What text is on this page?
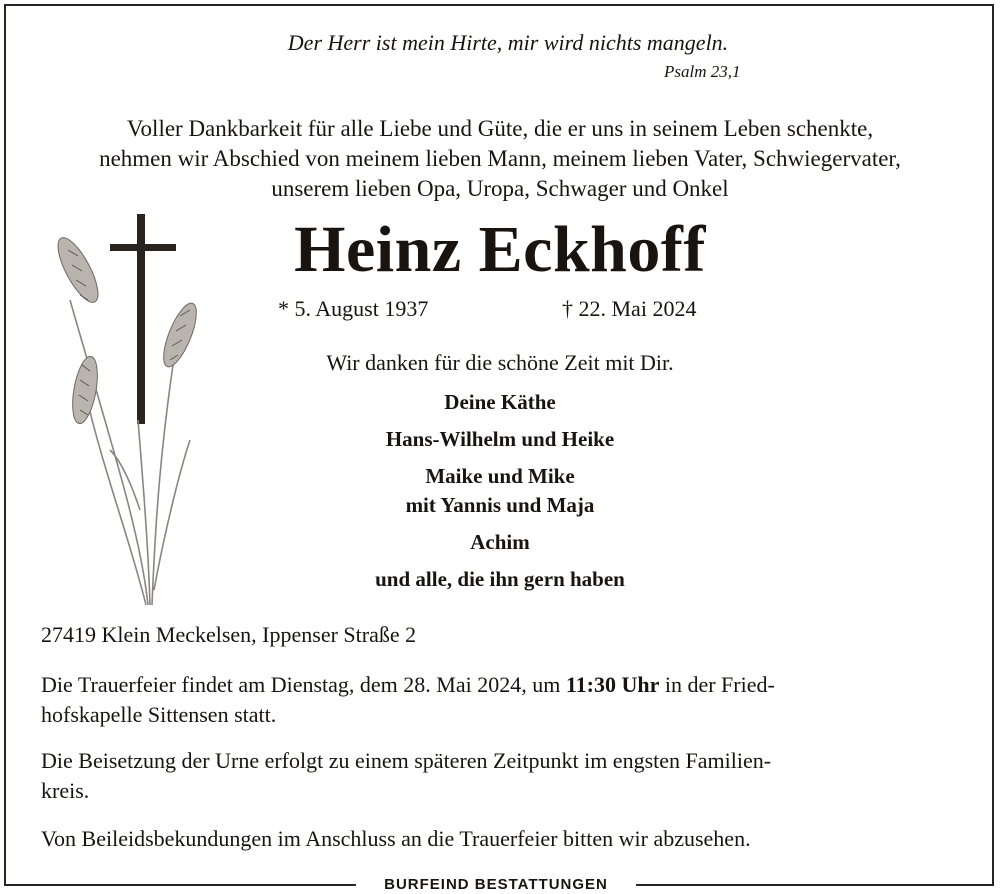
Der Herr ist mein Hirte, mir wird nichts mangeln.
Psalm 23,1
Voller Dankbarkeit für alle Liebe und Güte, die er uns in seinem Leben schenkte,
nehmen wir Abschied von meinem lieben Mann, meinem lieben Vater, Schwiegervater,
unserem lieben Opa, Uropa, Schwager und Onkel
Heinz Eckhoff
* 5. August 1937	† 22. Mai 2024
Wir danken für die schöne Zeit mit Dir.
Deine Käthe
Hans-Wilhelm und Heike
Maike und Mike
mit Yannis und Maja
Achim
und alle, die ihn gern haben
27419 Klein Meckelsen, Ippenser Straße 2
Die Trauerfeier findet am Dienstag, dem 28. Mai 2024, um 11:30 Uhr in der Fried-
hofskapelle Sittensen statt.
Die Beisetzung der Urne erfolgt zu einem späteren Zeitpunkt im engsten Familien-
kreis.
Von Beileidsbekundungen im Anschluss an die Trauerfeier bitten wir abzusehen.
BURFEIND BESTATTUNGEN
